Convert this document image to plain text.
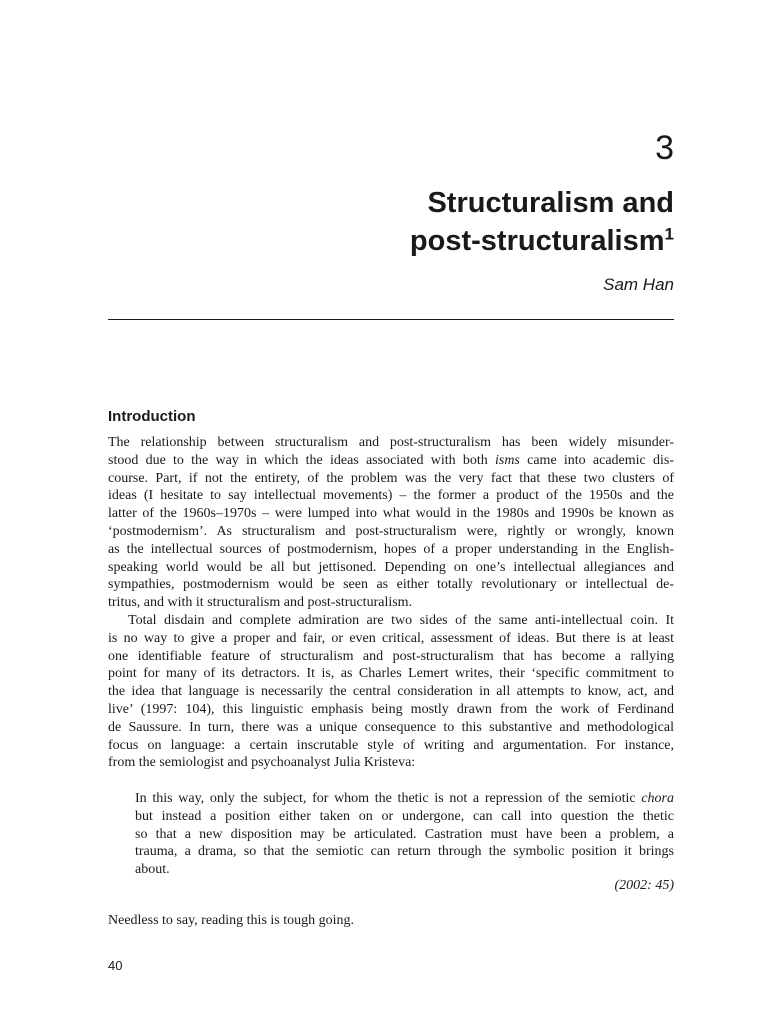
3
Structuralism and
post-structuralism$^1$
Sam Han
Introduction

The relationship between structuralism and post-structuralism has been widely misunder-
stood due to the way in which the ideas associated with both isms came into academic dis-
course. Part, if not the entirety, of the problem was the very fact that these two clusters of
ideas (I hesitate to say intellectual movements) – the former a product of the 1950s and the
latter of the 1960s–1970s – were lumped into what would in the 1980s and 1990s be known as
‘postmodernism’. As structuralism and post-structuralism were, rightly or wrongly, known
as the intellectual sources of postmodernism, hopes of a proper understanding in the English-
speaking world would be all but jettisoned. Depending on one’s intellectual allegiances and
sympathies, postmodernism would be seen as either totally revolutionary or intellectual de-
tritus, and with it structuralism and post-structuralism.

Total disdain and complete admiration are two sides of the same anti-intellectual coin. It
is no way to give a proper and fair, or even critical, assessment of ideas. But there is at least
one identifiable feature of structuralism and post-structuralism that has become a rallying
point for many of its detractors. It is, as Charles Lemert writes, their ‘specific commitment to
the idea that language is necessarily the central consideration in all attempts to know, act, and
live’ (1997: 104), this linguistic emphasis being mostly drawn from the work of Ferdinand
de Saussure. In turn, there was a unique consequence to this substantive and methodological
focus on language: a certain inscrutable style of writing and argumentation. For instance,
from the semiologist and psychoanalyst Julia Kristeva:

In this way, only the subject, for whom the thetic is not a repression of the semiotic chora
but instead a position either taken on or undergone, can call into question the thetic
so that a new disposition may be articulated. Castration must have been a problem, a
trauma, a drama, so that the semiotic can return through the symbolic position it brings
about.
(2002: 45)
Needless to say, reading this is tough going.
40
